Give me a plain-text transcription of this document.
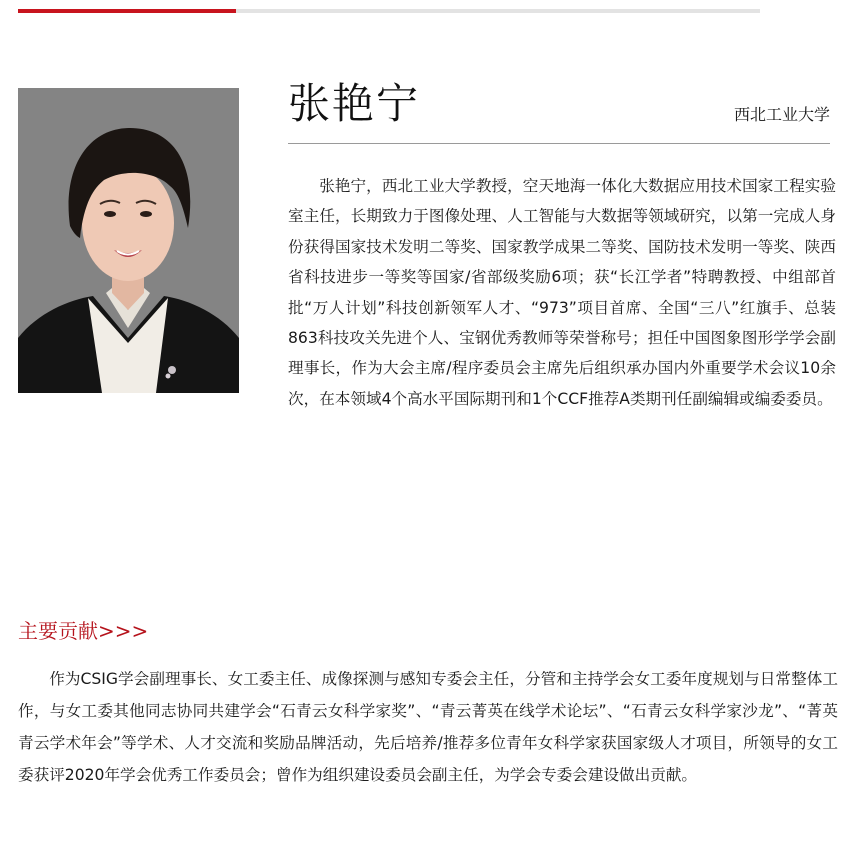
张艳宁	西北工业大学

张艳宁，西北工业大学教授，空天地海一体化大数据应用技术国家工程实验室主任，长期致力于图像处理、人工智能与大数据等领域研究，以第一完成人身份获得国家技术发明二等奖、国家教学成果二等奖、国防技术发明一等奖、陕西省科技进步一等奖等国家/省部级奖励6项；获“长江学者”特聘教授、中组部首批“万人计划”科技创新领军人才、“973”项目首席、全国“三八”红旗手、总装863科技攻关先进个人、宝钢优秀教师等荣誉称号；担任中国图象图形学学会副理事长，作为大会主席/程序委员会主席先后组织承办国内外重要学术会议10余次，在本领域4个高水平国际期刊和1个CCF推荐A类期刊任副编辑或编委委员。

主要贡献>>>

作为CSIG学会副理事长、女工委主任、成像探测与感知专委会主任，分管和主持学会女工委年度规划与日常整体工作，与女工委其他同志协同共建学会“石青云女科学家奖”、“青云菁英在线学术论坛”、“石青云女科学家沙龙”、“菁英青云学术年会”等学术、人才交流和奖励品牌活动，先后培养/推荐多位青年女科学家获国家级人才项目，所领导的女工委获评2020年学会优秀工作委员会；曾作为组织建设委员会副主任，为学会专委会建设做出贡献。
